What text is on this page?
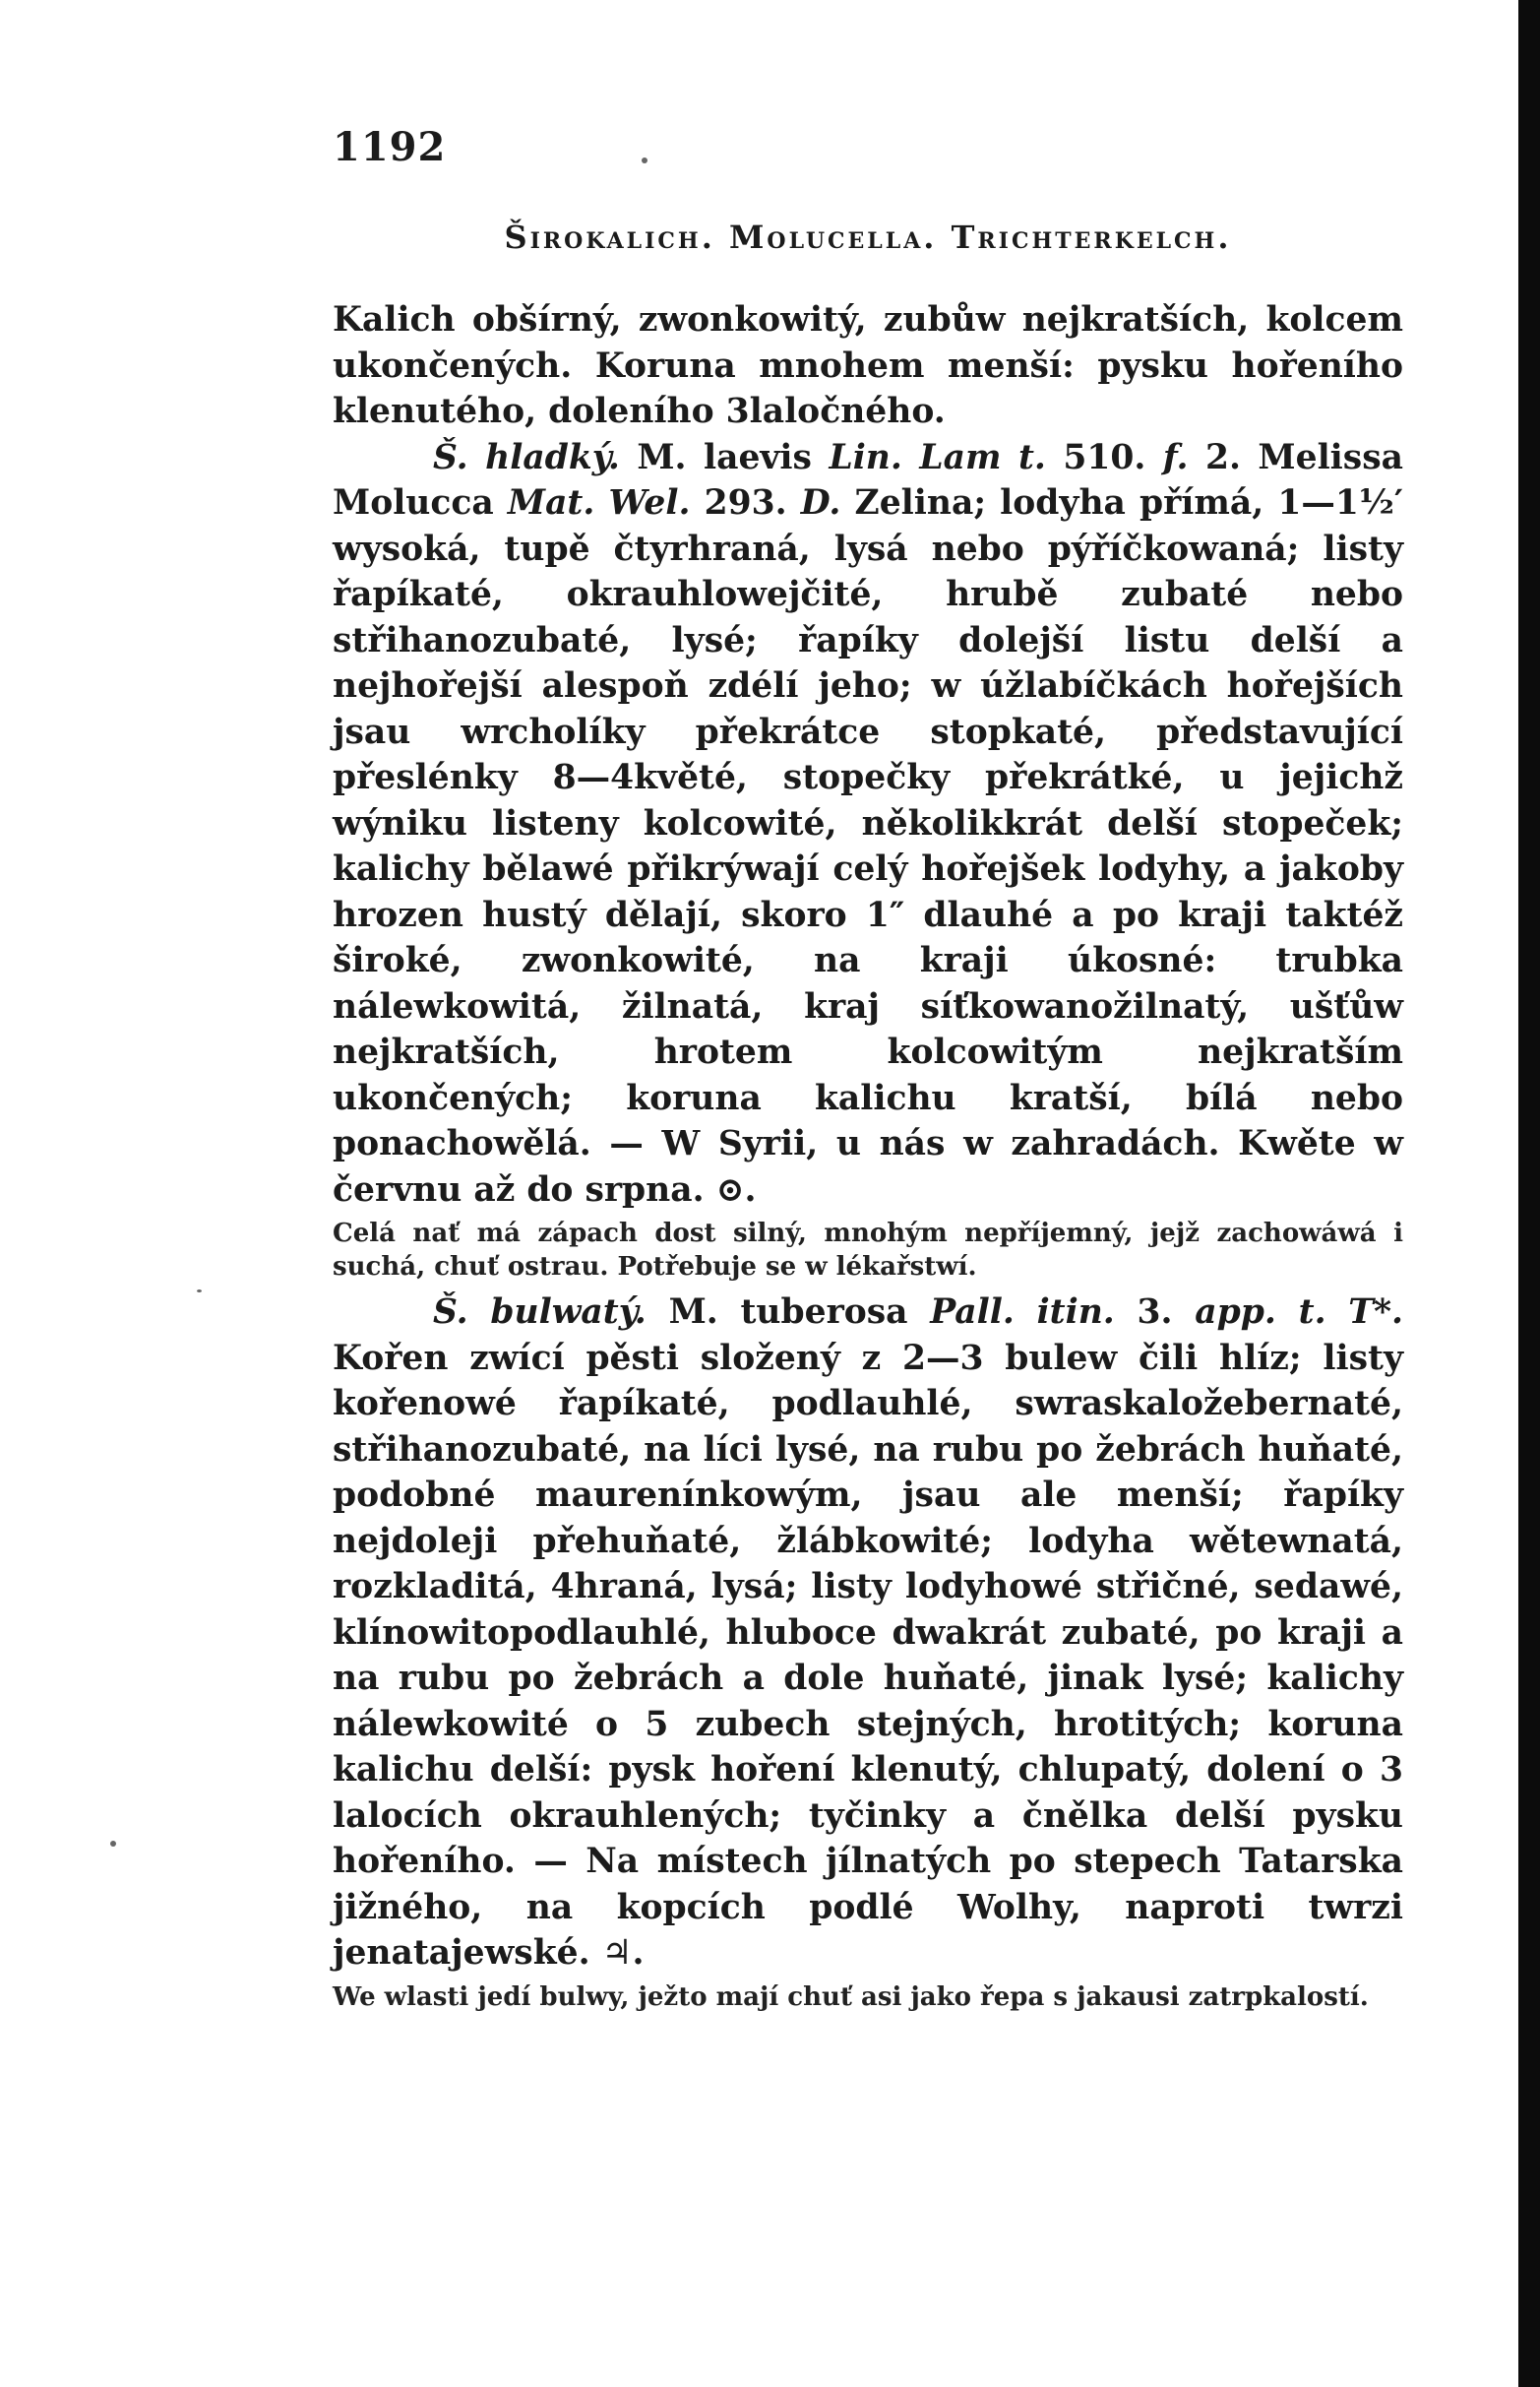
1192
Širokalich. Molucella. Trichterkelch.

Kalich obšírný, zwonkowitý, zubůw nejkratších, kolcem ukončených. Koruna mnohem menší: pysku hořeního klenutého, doleního 3laločného.

Š. hladký. M. laevis Lin. Lam t. 510. f. 2. Melissa Molucca Mat. Wel. 293. D. Zelina; lodyha přímá, 1—1½′ wysoká, tupě čtyrhraná, lysá nebo pýříčkowaná; listy řapíkaté, okrauhlowejčité, hrubě zubaté nebo střihanozubaté, lysé; řapíky dolejší listu delší a nejhořejší alespoň zdélí jeho; w úžlabíčkách hořejších jsau wrcholíky překrátce stopkaté, představující přeslénky 8—4květé, stopečky překrátké, u jejichž wýniku listeny kolcowité, několikkrát delší stopeček; kalichy bělawé přikrýwají celý hořejšek lodyhy, a jakoby hrozen hustý dělají, skoro 1″ dlauhé a po kraji taktéž široké, zwonkowité, na kraji úkosné: trubka nálewkowitá, žilnatá, kraj síťkowanožilnatý, ušťůw nejkratších, hrotem kolcowitým nejkratším ukončených; koruna kalichu kratší, bílá nebo ponachowělá. — W Syrii, u nás w zahradách. Kwěte w červnu až do srpna. ⊙.

Celá nať má zápach dost silný, mnohým nepříjemný, jejž zachowáwá i suchá, chuť ostrau. Potřebuje se w lékařstwí.

Š. bulwatý. M. tuberosa Pall. itin. 3. app. t. T*. Kořen zwící pěsti složený z 2—3 bulew čili hlíz; listy kořenowé řapíkaté, podlauhlé, swraskaložebernaté, střihanozubaté, na líci lysé, na rubu po žebrách huňaté, podobné maurenínkowým, jsau ale menší; řapíky nejdoleji přehuňaté, žlábkowité; lodyha wětewnatá, rozkladitá, 4hraná, lysá; listy lodyhowé střičné, sedawé, klínowitopodlauhlé, hluboce dwakrát zubaté, po kraji a na rubu po žebrách a dole huňaté, jinak lysé; kalichy nálewkowité o 5 zubech stejných, hrotitých; koruna kalichu delší: pysk hoření klenutý, chlupatý, dolení o 3 lalocích okrauhlených; tyčinky a čnělka delší pysku hořeního. — Na místech jílnatých po stepech Tatarska jižného, na kopcích podlé Wolhy, naproti twrzi jenatajewské. ♃.

We wlasti jedí bulwy, ježto mají chuť asi jako řepa s jakausi zatrpkalostí.
